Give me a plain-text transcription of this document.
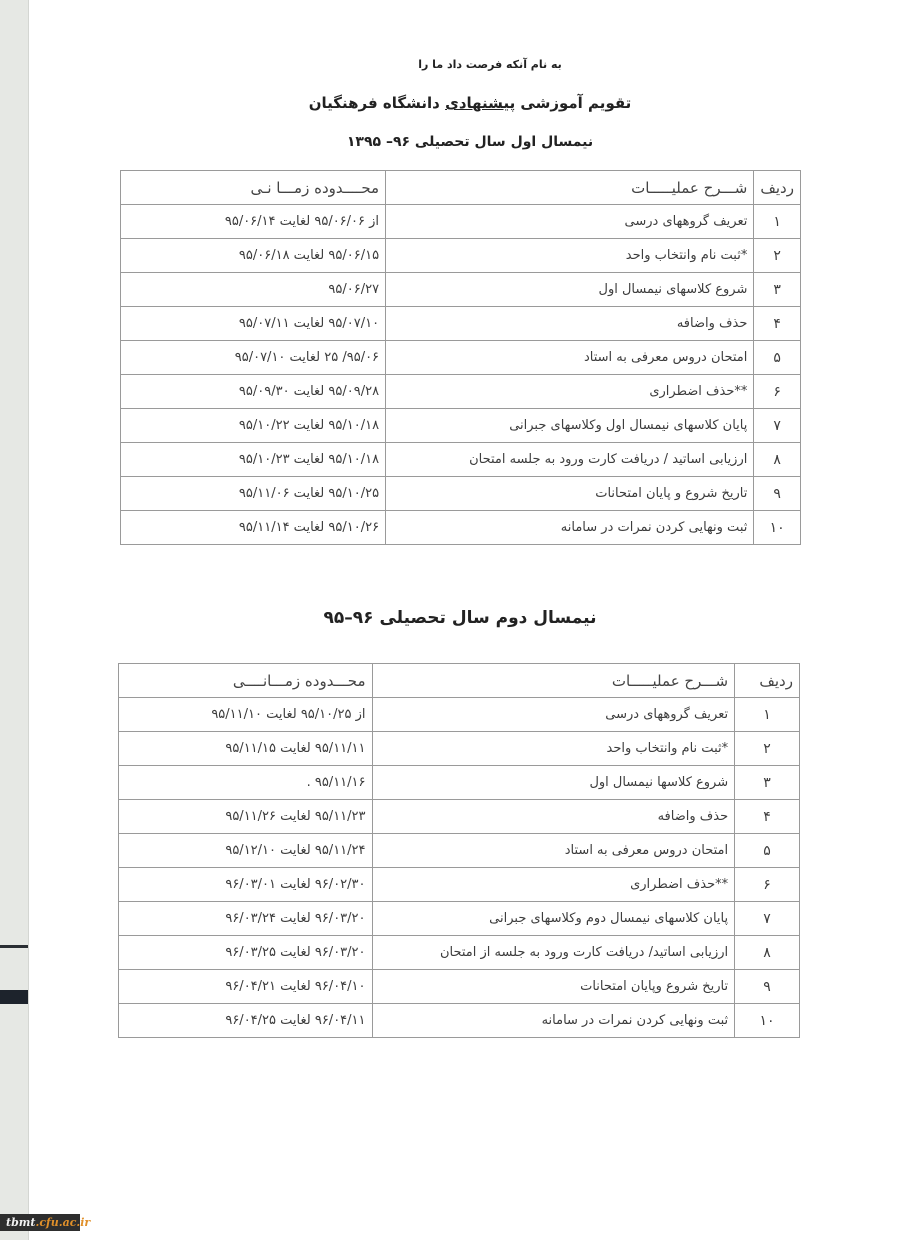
به نام آنکه فرصت داد ما را
تقویم آموزشی پیشنهادی دانشگاه فرهنگیان
نیمسال اول سال تحصیلی ۹۶– ۱۳۹۵
ردیف	شـــرح عمليـــــات	محــــدوده زمـــا نـی
۱	تعریف گروههای درسی	از ۹۵/۰۶/۰۶ لغایت ۹۵/۰۶/۱۴
۲	*ثبت نام وانتخاب واحد	۹۵/۰۶/۱۵ لغایت ۹۵/۰۶/۱۸
۳	شروع کلاسهای نیمسال اول	۹۵/۰۶/۲۷
۴	حذف واضافه	۹۵/۰۷/۱۰ لغایت ۹۵/۰۷/۱۱
۵	امتحان دروس معرفی به استاد	۹۵/۰۶/ ۲۵ لغایت ۹۵/۰۷/۱۰
۶	**حذف اضطراری	۹۵/۰۹/۲۸ لغایت ۹۵/۰۹/۳۰
۷	پایان کلاسهای نیمسال اول وکلاسهای جبرانی	۹۵/۱۰/۱۸ لغایت ۹۵/۱۰/۲۲
۸	ارزیابی اساتید / دریافت کارت ورود به جلسه امتحان	۹۵/۱۰/۱۸ لغایت ۹۵/۱۰/۲۳
۹	تاریخ شروع و پایان امتحانات	۹۵/۱۰/۲۵ لغایت ۹۵/۱۱/۰۶
۱۰	ثبت ونهایی کردن نمرات در سامانه	۹۵/۱۰/۲۶ لغایت ۹۵/۱۱/۱۴
نیمسال دوم سال تحصیلی ۹۶–۹۵
ردیف	شـــرح عمليـــــات	محـــدوده زمـــانــــی
۱	تعریف گروههای درسی	از ۹۵/۱۰/۲۵ لغایت ۹۵/۱۱/۱۰
۲	*ثبت نام وانتخاب واحد	۹۵/۱۱/۱۱ لغایت ۹۵/۱۱/۱۵
۳	شروع کلاسها نیمسال اول	۹۵/۱۱/۱۶ .
۴	حذف واضافه	۹۵/۱۱/۲۳ لغایت ۹۵/۱۱/۲۶
۵	امتحان دروس معرفی به استاد	۹۵/۱۱/۲۴ لغایت ۹۵/۱۲/۱۰
۶	**حذف اضطراری	۹۶/۰۲/۳۰ لغایت ۹۶/۰۳/۰۱
۷	پایان کلاسهای نیمسال دوم وکلاسهای جبرانی	۹۶/۰۳/۲۰ لغایت ۹۶/۰۳/۲۴
۸	ارزیابی اساتید/ دریافت کارت ورود به جلسه از امتحان	۹۶/۰۳/۲۰ لغایت ۹۶/۰۳/۲۵
۹	تاریخ شروع وپایان امتحانات	۹۶/۰۴/۱۰ لغایت ۹۶/۰۴/۲۱
۱۰	ثبت ونهایی کردن نمرات در سامانه	۹۶/۰۴/۱۱ لغایت ۹۶/۰۴/۲۵
tbmt.cfu.ac.ir
